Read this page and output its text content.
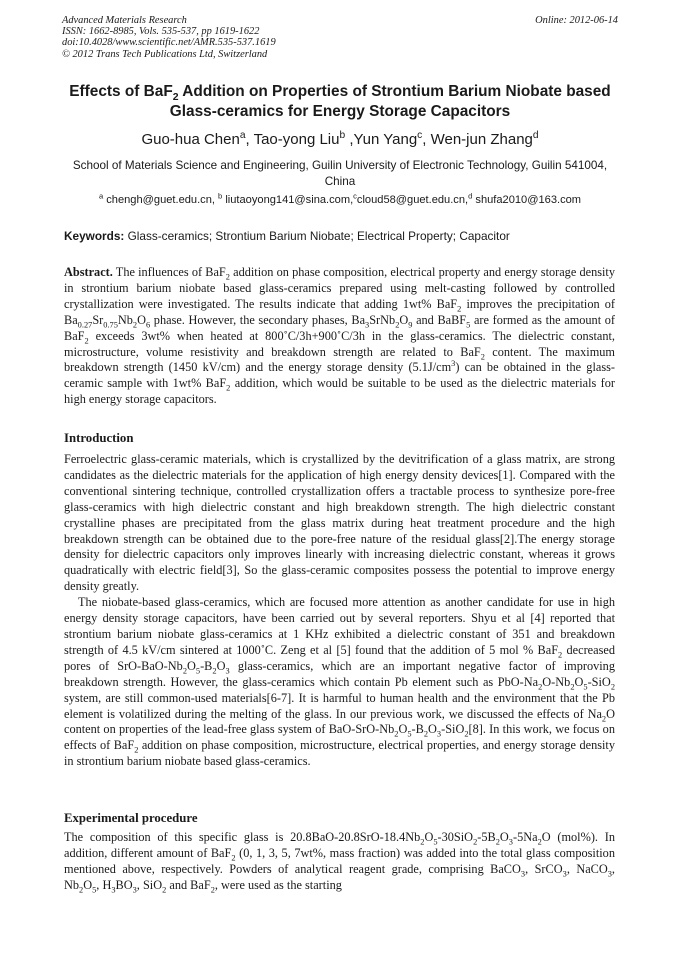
Advanced Materials Research
ISSN: 1662-8985, Vols. 535-537, pp 1619-1622
doi:10.4028/www.scientific.net/AMR.535-537.1619
© 2012 Trans Tech Publications Ltd, Switzerland
Online: 2012-06-14
Effects of BaF$_2$ Addition on Properties of Strontium Barium Niobate based Glass-ceramics for Energy Storage Capacitors
Guo-hua Chen$^a$, Tao-yong Liu$^b$ ,Yun Yang$^c$, Wen-jun Zhang$^d$
School of Materials Science and Engineering, Guilin University of Electronic Technology, Guilin 541004, China
$^a$ chengh@guet.edu.cn, $^b$ liutaoyong141@sina.com,$^c$cloud58@guet.edu.cn,$^d$ shufa2010@163.com
Keywords: Glass-ceramics; Strontium Barium Niobate; Electrical Property; Capacitor
Abstract. The influences of BaF$_2$ addition on phase composition, electrical property and energy storage density in strontium barium niobate based glass-ceramics prepared using melt-casting followed by controlled crystallization were investigated. The results indicate that adding 1wt% BaF$_2$ improves the precipitation of $Ba_{0.27}Sr_{0.75}Nb_2O_6$ phase. However, the secondary phases, $Ba_3SrNb_2O_9$ and BaBF$_5$ are formed as the amount of BaF$_2$ exceeds 3wt% when heated at 800˚C/3h+900˚C/3h in the glass-ceramics. The dielectric constant, microstructure, volume resistivity and breakdown strength are related to BaF$_2$ content. The maximum breakdown strength (1450 kV/cm) and the energy storage density $(5.1J/cm^3)$ can be obtained in the glass-ceramic sample with 1wt% BaF$_2$ addition, which would be suitable to be used as the dielectric materials for high energy storage capacitors.
Introduction

Ferroelectric glass-ceramic materials, which is crystallized by the devitrification of a glass matrix, are strong candidates as the dielectric materials for the application of high energy density devices[1]. Compared with the conventional sintering technique, controlled crystallization offers a tractable process to synthesize pore-free glass-ceramics with high dielectric constant and high breakdown strength. The high dielectric constant crystalline phases are precipitated from the glass matrix during heat treatment procedure and the high breakdown strength can be obtained due to the pore-free nature of the residual glass[2].The energy storage density for dielectric capacitors only improves linearly with increasing dielectric constant, whereas it grows quadratically with electric field[3], So the glass-ceramic composites possess the potential to improve energy density greatly.

The niobate-based glass-ceramics, which are focused more attention as another candidate for use in high energy density storage capacitors, have been carried out by several reporters. Shyu et al [4] reported that strontium barium niobate glass-ceramics at 1 KHz exhibited a dielectric constant of 351 and breakdown strength of 4.5 kV/cm sintered at 1000˚C. Zeng et al [5] found that the addition of 5 mol % BaF$_2$ decreased pores of SrO-$BaO-Nb_2O_5-B_2O_3$ glass-ceramics, which are an important negative factor of improving breakdown strength. However, the glass-ceramics which contain Pb element such as PbO-$Na_2O-Nb_2O_5-SiO_2$ system, are still common-used materials[6-7]. It is harmful to human health and the environment that the Pb element is volatilized during the melting of the glass. In our previous work, we discussed the effects of $Na_2O$ content on properties of the lead-free glass system of BaO-$SrO-Nb_2O_5-B_2O_3-SiO_2[8]$. In this work, we focus on effects of BaF$_2$ addition on phase composition, microstructure, electrical properties, and energy storage density in strontium barium niobate based glass-ceramics.

Experimental procedure

The composition of this specific glass is $20.8BaO-20.8SrO-18.4Nb_2O_5-30SiO_2-5B_2O_3-5Na_2O$ (mol%). In addition, different amount of BaF$_2$ (0, 1, 3, 5, 7wt%, mass fraction) was added into the total glass composition mentioned above, respectively. Powders of analytical reagent grade, comprising BaCO$_3$, SrCO$_3$, NaCO$_3$, $Nb_2O_5$, $H_3BO_3$, SiO$_2$ and BaF$_2$, were used as the starting
